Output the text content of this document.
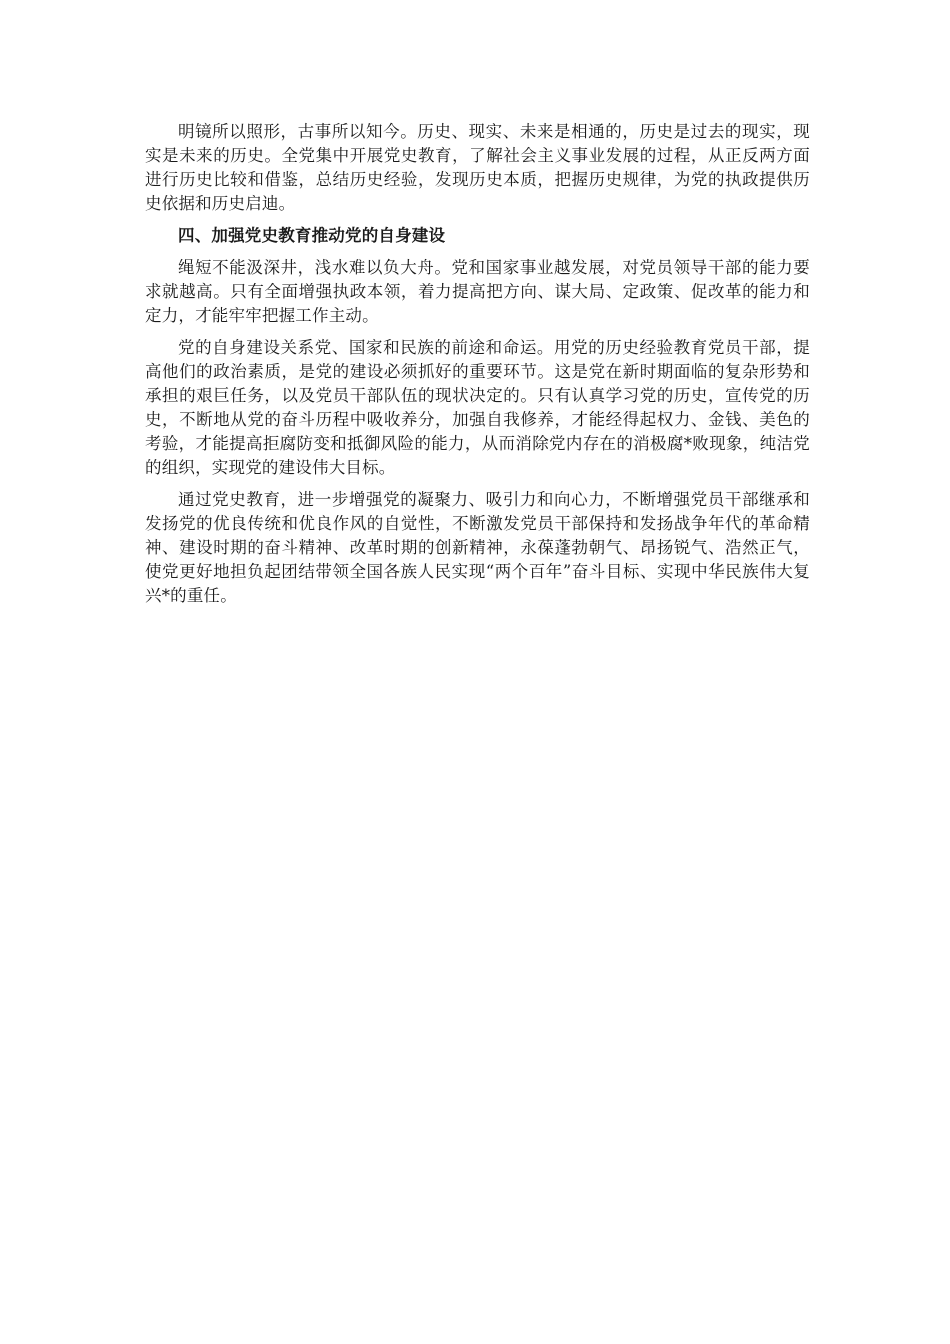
明镜所以照形，古事所以知今。历史、现实、未来是相通的，历史是过去的现实，现实是未来的历史。全党集中开展党史教育，了解社会主义事业发展的过程，从正反两方面进行历史比较和借鉴，总结历史经验，发现历史本质，把握历史规律，为党的执政提供历史依据和历史启迪。

四、加强党史教育推动党的自身建设

绳短不能汲深井，浅水难以负大舟。党和国家事业越发展，对党员领导干部的能力要求就越高。只有全面增强执政本领，着力提高把方向、谋大局、定政策、促改革的能力和定力，才能牢牢把握工作主动。

党的自身建设关系党、国家和民族的前途和命运。用党的历史经验教育党员干部，提高他们的政治素质，是党的建设必须抓好的重要环节。这是党在新时期面临的复杂形势和承担的艰巨任务，以及党员干部队伍的现状决定的。只有认真学习党的历史，宣传党的历史，不断地从党的奋斗历程中吸收养分，加强自我修养，才能经得起权力、金钱、美色的考验，才能提高拒腐防变和抵御风险的能力，从而消除党内存在的消极腐*败现象，纯洁党的组织，实现党的建设伟大目标。

通过党史教育，进一步增强党的凝聚力、吸引力和向心力，不断增强党员干部继承和发扬党的优良传统和优良作风的自觉性，不断激发党员干部保持和发扬战争年代的革命精神、建设时期的奋斗精神、改革时期的创新精神，永葆蓬勃朝气、昂扬锐气、浩然正气，使党更好地担负起团结带领全国各族人民实现“两个百年”奋斗目标、实现中华民族伟大复兴*的重任。
